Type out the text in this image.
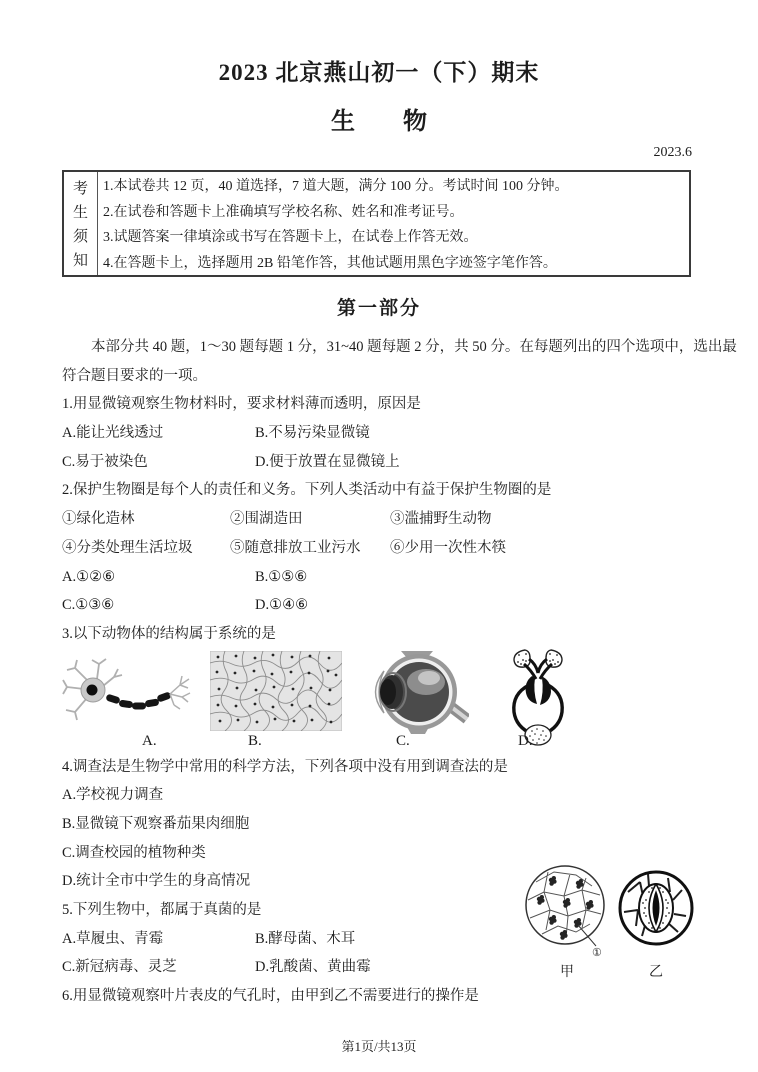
2023 北京燕山初一（下）期末
生　　物
2023.6
考
生
须
知
1.本试卷共 12 页，40 道选择，7 道大题，满分 100 分。考试时间 100 分钟。
2.在试卷和答题卡上准确填写学校名称、姓名和准考证号。
3.试题答案一律填涂或书写在答题卡上，在试卷上作答无效。
4.在答题卡上，选择题用 2B 铅笔作答，其他试题用黑色字迹签字笔作答。
第一部分
本部分共 40 题，1～30 题每题 1 分，31~40 题每题 2 分，共 50 分。在每题列出的四个选项中，选出最
符合题目要求的一项。
1.用显微镜观察生物材料时，要求材料薄而透明，原因是
A.能让光线透过	B.不易污染显微镜
C.易于被染色	D.便于放置在显微镜上
2.保护生物圈是每个人的责任和义务。下列人类活动中有益于保护生物圈的是
①绿化造林	②围湖造田	③滥捕野生动物
④分类处理生活垃圾	⑤随意排放工业污水 ⑥少用一次性木筷
A.①②⑥	B.①⑤⑥
C.①③⑥	D.①④⑥
3.以下动物体的结构属于系统的是
A.	B.	C.	D.
4.调查法是生物学中常用的科学方法，下列各项中没有用到调查法的是
A.学校视力调查
B.显微镜下观察番茄果肉细胞
C.调查校园的植物种类
D.统计全市中学生的身高情况
5.下列生物中，都属于真菌的是
A.草履虫、青霉	B.酵母菌、木耳
C.新冠病毒、灵芝	D.乳酸菌、黄曲霉
6.用显微镜观察叶片表皮的气孔时，由甲到乙不需要进行的操作是
①
甲	乙
第1页/共13页
